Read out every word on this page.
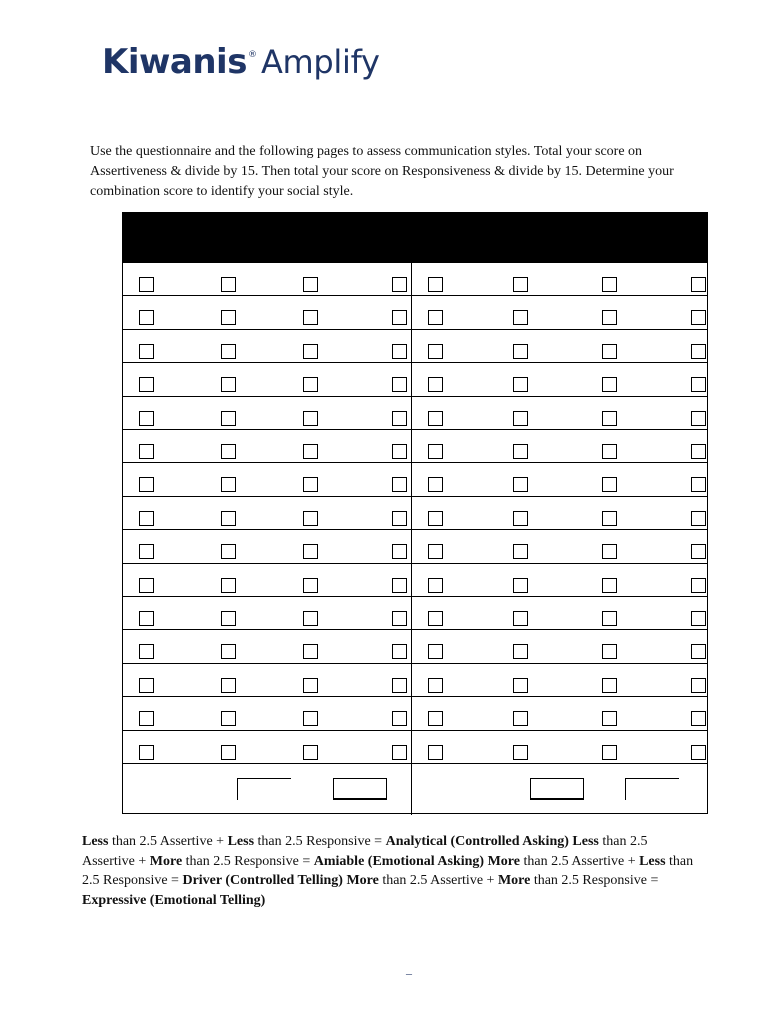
Kiwanis ® Amplify

Use the questionnaire and the following pages to assess communication styles. Total your score on Assertiveness & divide by 15. Then total your score on Responsiveness & divide by 15. Determine your combination score to identify your social style.

Less than 2.5 Assertive + Less than 2.5 Responsive = Analytical (Controlled Asking) Less than 2.5 Assertive + More than 2.5 Responsive = Amiable (Emotional Asking) More than 2.5 Assertive + Less than 2.5 Responsive = Driver (Controlled Telling) More than 2.5 Assertive + More than 2.5 Responsive = Expressive (Emotional Telling)

–
